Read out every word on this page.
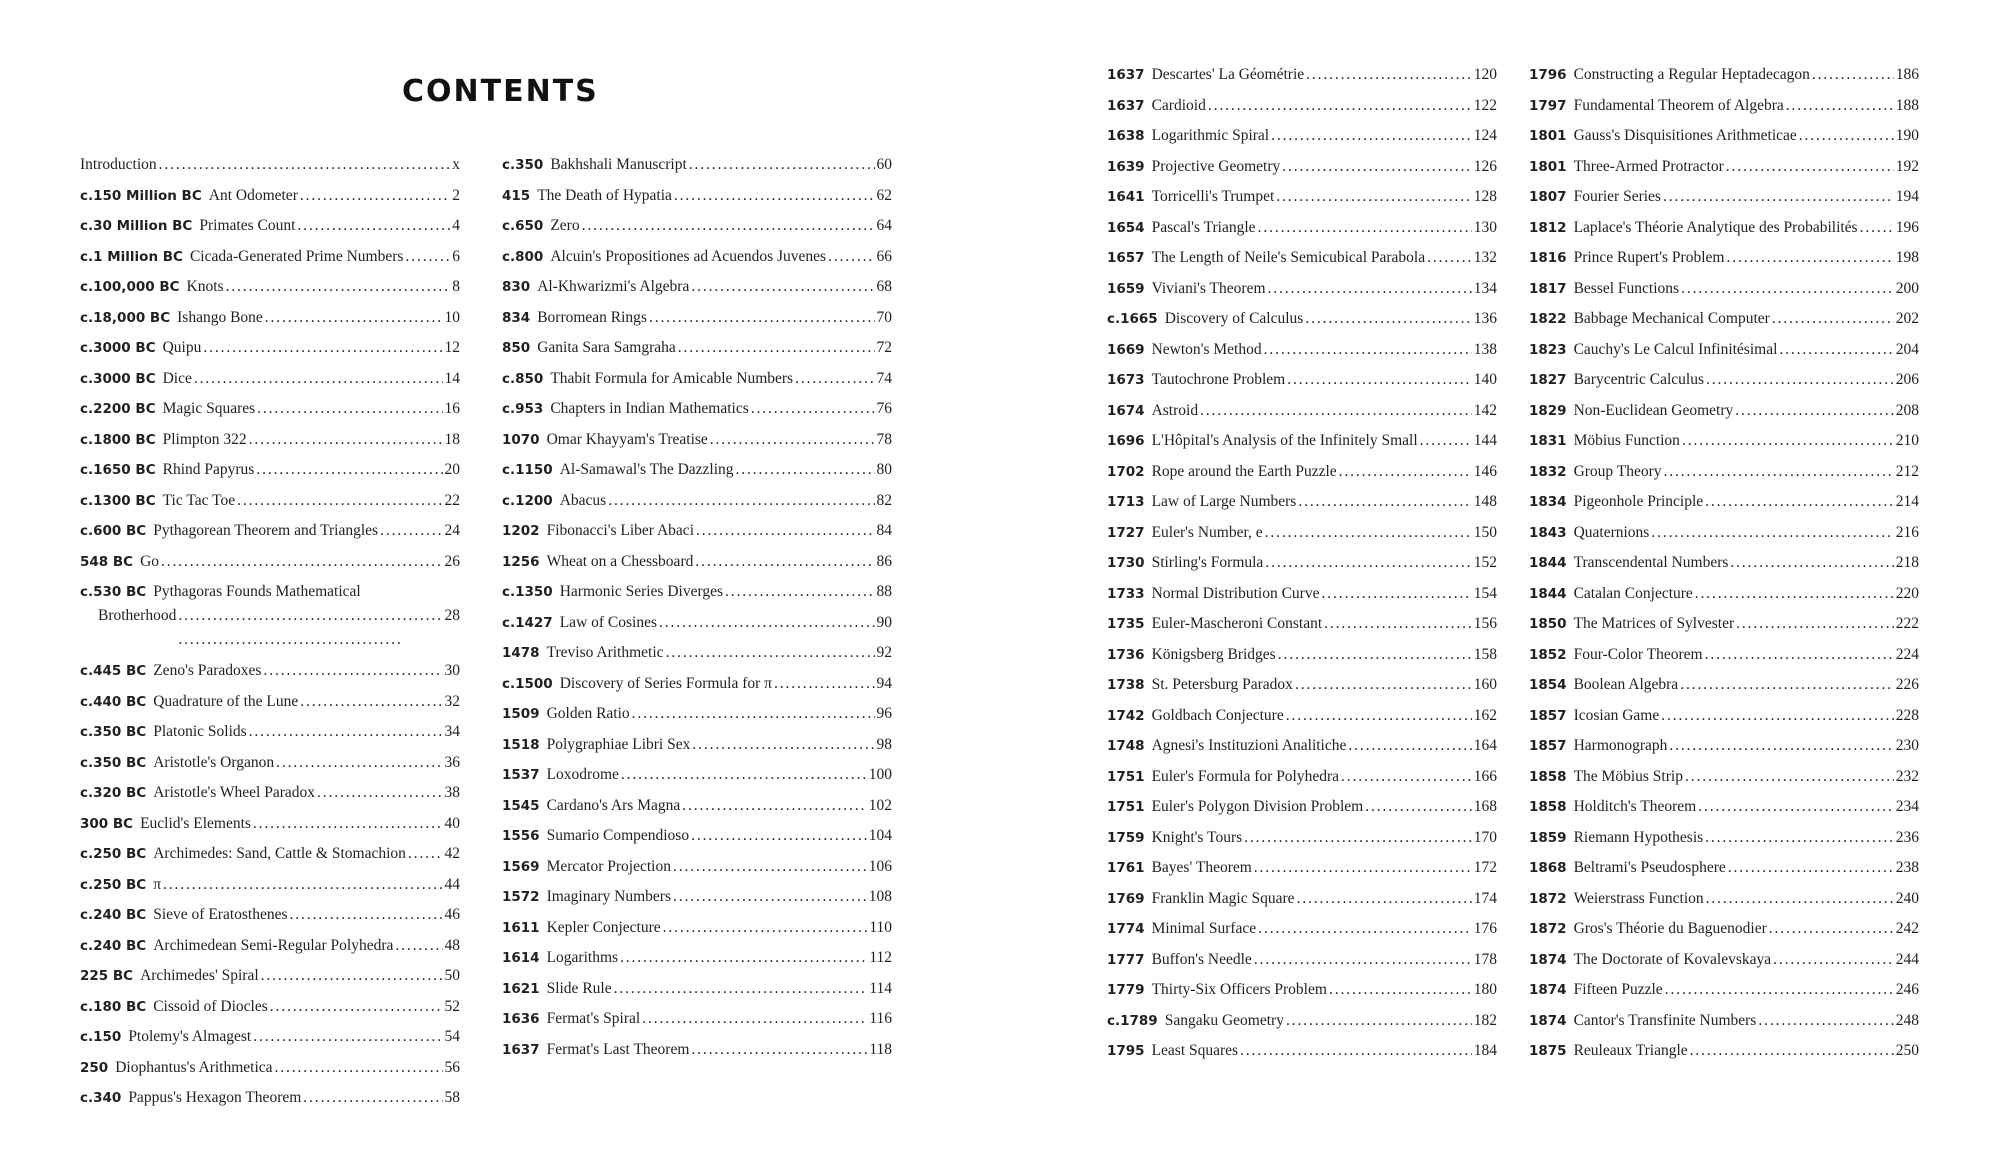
CONTENTS
Introduction . . .	x
c.150 Million BC Ant Odometer . . .	2
c.30 Million BC Primates Count . . .	4
c.1 Million BC Cicada-Generated Prime Numbers . . .	6
c.100,000 BC Knots . . .	8
c.18,000 BC Ishango Bone . . .	10
c.3000 BC Quipu . . .	12
c.3000 BC Dice . . .	14
c.2200 BC Magic Squares . . .	16
c.1800 BC Plimpton 322 . . .	18
c.1650 BC Rhind Papyrus . . .	20
c.1300 BC Tic Tac Toe . . .	22
c.600 BC Pythagorean Theorem and Triangles . . .	24
548 BC Go . . .	26
c.530 BC Pythagoras Founds Mathematical
Brotherhood . . .	28
c.445 BC Zeno's Paradoxes . . .	30
c.440 BC Quadrature of the Lune . . .	32
c.350 BC Platonic Solids . . .	34
c.350 BC Aristotle's Organon . . .	36
c.320 BC Aristotle's Wheel Paradox . . .	38
300 BC Euclid's Elements . . .	40
c.250 BC Archimedes: Sand, Cattle & Stomachion . . . 42
c.250 BC π . . .	44
c.240 BC Sieve of Eratosthenes . . .	46
c.240 BC Archimedean Semi-Regular Polyhedra . . .	48
225 BC Archimedes' Spiral . . .	50
c.180 BC Cissoid of Diocles . . .	52
c.150 Ptolemy's Almagest . . .	54
250 Diophantus's Arithmetica . . .	56
c.340 Pappus's Hexagon Theorem . . .	58
c.350 Bakhshali Manuscript . . .	60
415 The Death of Hypatia . . .	62
c.650 Zero . . .	64
c.800 Alcuin's Propositiones ad Acuendos Juvenes . . .	66
830 Al-Khwarizmi's Algebra . . .	68
834 Borromean Rings . . .	70
850 Ganita Sara Samgraha . . .	72
c.850 Thabit Formula for Amicable Numbers . . .	74
c.953 Chapters in Indian Mathematics . . .	76
1070 Omar Khayyam's Treatise . . .	78
c.1150 Al-Samawal's The Dazzling . . .	80
c.1200 Abacus . . .	82
1202 Fibonacci's Liber Abaci . . .	84
1256 Wheat on a Chessboard . . .	86
c.1350 Harmonic Series Diverges . . .	88
c.1427 Law of Cosines . . .	90
1478 Treviso Arithmetic . . .	92
c.1500 Discovery of Series Formula for π . . .	94
1509 Golden Ratio . . .	96
1518 Polygraphiae Libri Sex . . .	98
1537 Loxodrome . . .	100
1545 Cardano's Ars Magna . . .	102
1556 Sumario Compendioso . . .	104
1569 Mercator Projection . . .	106
1572 Imaginary Numbers . . .	108
1611 Kepler Conjecture . . .	110
1614 Logarithms . . .	112
1621 Slide Rule . . .	114
1636 Fermat's Spiral . . .	116
1637 Fermat's Last Theorem . . .	118
1637 Descartes' La Géométrie . . .	120
1637 Cardioid . . .	122
1638 Logarithmic Spiral . . .	124
1639 Projective Geometry . . .	126
1641 Torricelli's Trumpet . . .	128
1654 Pascal's Triangle . . .	130
1657 The Length of Neile's Semicubical Parabola . . .	132
1659 Viviani's Theorem . . .	134
c.1665 Discovery of Calculus . . .	136
1669 Newton's Method . . .	138
1673 Tautochrone Problem . . .	140
1674 Astroid . . .	142
1696 L'Hôpital's Analysis of the Infinitely Small . . .	144
1702 Rope around the Earth Puzzle . . .	146
1713 Law of Large Numbers . . .	148
1727 Euler's Number, e . . .	150
1730 Stirling's Formula . . .	152
1733 Normal Distribution Curve . . .	154
1735 Euler-Mascheroni Constant . . .	156
1736 Königsberg Bridges . . .	158
1738 St. Petersburg Paradox . . .	160
1742 Goldbach Conjecture . . .	162
1748 Agnesi's Instituzioni Analitiche . . .	164
1751 Euler's Formula for Polyhedra . . .	166
1751 Euler's Polygon Division Problem . . .	168
1759 Knight's Tours . . .	170
1761 Bayes' Theorem . . .	172
1769 Franklin Magic Square . . .	174
1774 Minimal Surface . . .	176
1777 Buffon's Needle . . .	178
1779 Thirty-Six Officers Problem . . .	180
c.1789 Sangaku Geometry . . .	182
1795 Least Squares . . .	184
1796 Constructing a Regular Heptadecagon . . .	186
1797 Fundamental Theorem of Algebra . . .	188
1801 Gauss's Disquisitiones Arithmeticae . . .	190
1801 Three-Armed Protractor . . .	192
1807 Fourier Series . . .	194
1812 Laplace's Théorie Analytique des Probabilités . . . 196
1816 Prince Rupert's Problem . . .	198
1817 Bessel Functions . . .	200
1822 Babbage Mechanical Computer . . .	202
1823 Cauchy's Le Calcul Infinitésimal . . .	204
1827 Barycentric Calculus . . .	206
1829 Non-Euclidean Geometry . . .	208
1831 Möbius Function . . .	210
1832 Group Theory . . .	212
1834 Pigeonhole Principle . . .	214
1843 Quaternions . . .	216
1844 Transcendental Numbers . . .	218
1844 Catalan Conjecture . . .	220
1850 The Matrices of Sylvester . . .	222
1852 Four-Color Theorem . . .	224
1854 Boolean Algebra . . .	226
1857 Icosian Game . . .	228
1857 Harmonograph . . .	230
1858 The Möbius Strip . . .	232
1858 Holditch's Theorem . . .	234
1859 Riemann Hypothesis . . .	236
1868 Beltrami's Pseudosphere . . .	238
1872 Weierstrass Function . . .	240
1872 Gros's Théorie du Baguenodier . . .	242
1874 The Doctorate of Kovalevskaya . . .	244
1874 Fifteen Puzzle . . .	246
1874 Cantor's Transfinite Numbers . . .	248
1875 Reuleaux Triangle . . .	250
